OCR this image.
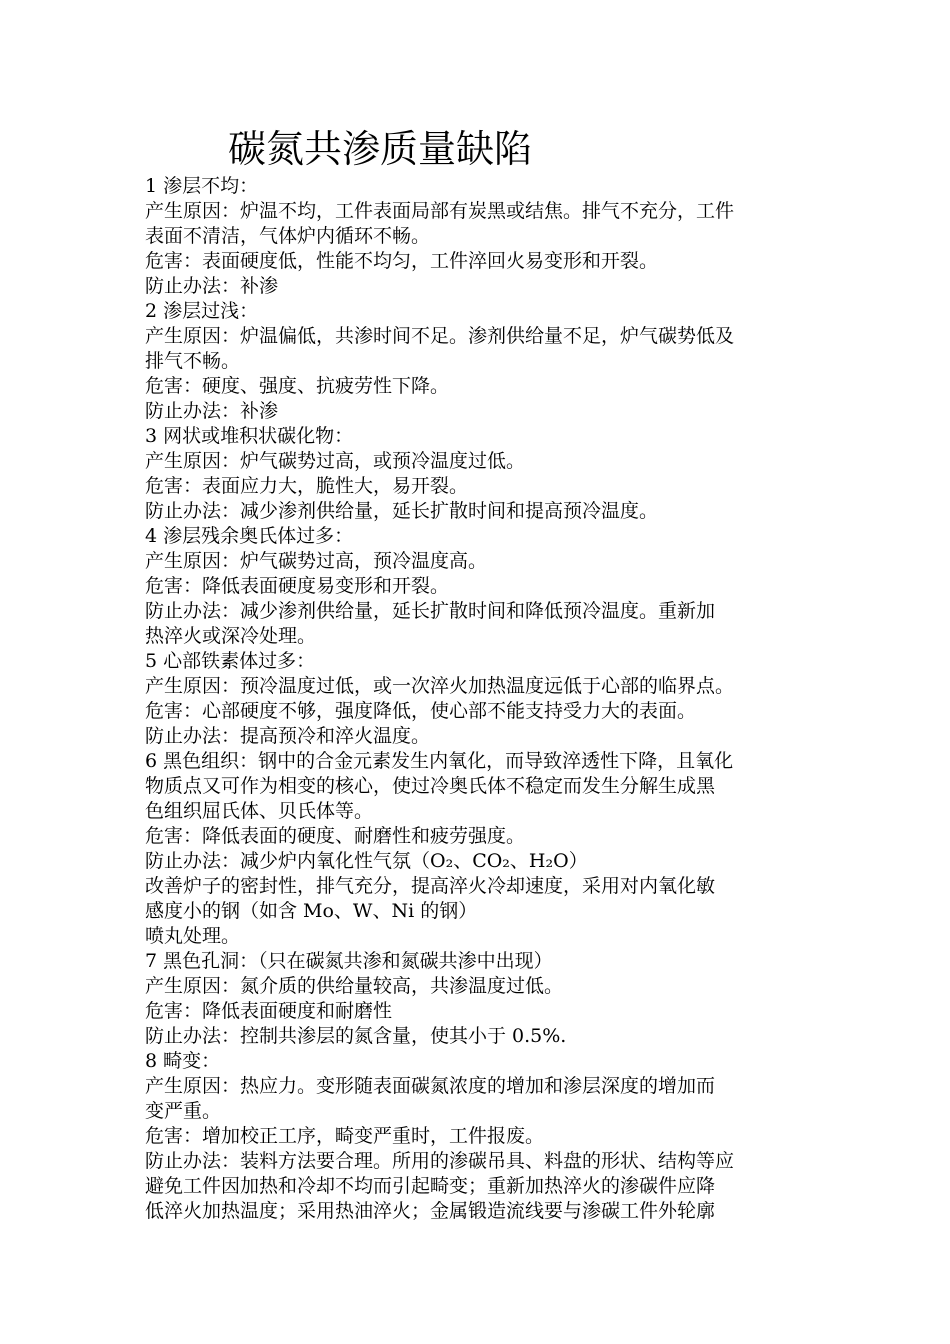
碳氮共渗质量缺陷
1 渗层不均：
产生原因：炉温不均，工件表面局部有炭黑或结焦。排气不充分，工件
表面不清洁，气体炉内循环不畅。
危害：表面硬度低，性能不均匀，工件淬回火易变形和开裂。
防止办法：补渗
2 渗层过浅：
产生原因：炉温偏低，共渗时间不足。渗剂供给量不足，炉气碳势低及
排气不畅。
危害：硬度、强度、抗疲劳性下降。
防止办法：补渗
3 网状或堆积状碳化物：
产生原因：炉气碳势过高，或预冷温度过低。
危害：表面应力大，脆性大，易开裂。
防止办法：减少渗剂供给量，延长扩散时间和提高预冷温度。
4 渗层残余奥氏体过多：
产生原因：炉气碳势过高，预冷温度高。
危害：降低表面硬度易变形和开裂。
防止办法：减少渗剂供给量，延长扩散时间和降低预冷温度。重新加
热淬火或深冷处理。
5 心部铁素体过多：
产生原因：预冷温度过低，或一次淬火加热温度远低于心部的临界点。
危害：心部硬度不够，强度降低，使心部不能支持受力大的表面。
防止办法：提高预冷和淬火温度。
6 黑色组织：钢中的合金元素发生内氧化，而导致淬透性下降，且氧化
物质点又可作为相变的核心，使过冷奥氏体不稳定而发生分解生成黑
色组织屈氏体、贝氏体等。
危害：降低表面的硬度、耐磨性和疲劳强度。
防止办法：减少炉内氧化性气氛（O₂、CO₂、H₂O）
改善炉子的密封性，排气充分，提高淬火冷却速度，采用对内氧化敏
感度小的钢（如含 Mo、W、Ni 的钢）
喷丸处理。
7 黑色孔洞：（只在碳氮共渗和氮碳共渗中出现）
产生原因：氮介质的供给量较高，共渗温度过低。
危害：降低表面硬度和耐磨性
防止办法：控制共渗层的氮含量，使其小于 0.5%.
8 畸变：
产生原因：热应力。变形随表面碳氮浓度的增加和渗层深度的增加而
变严重。
危害：增加校正工序，畸变严重时，工件报废。
防止办法：装料方法要合理。所用的渗碳吊具、料盘的形状、结构等应
避免工件因加热和冷却不均而引起畸变；重新加热淬火的渗碳件应降
低淬火加热温度；采用热油淬火；金属锻造流线要与渗碳工件外轮廓
